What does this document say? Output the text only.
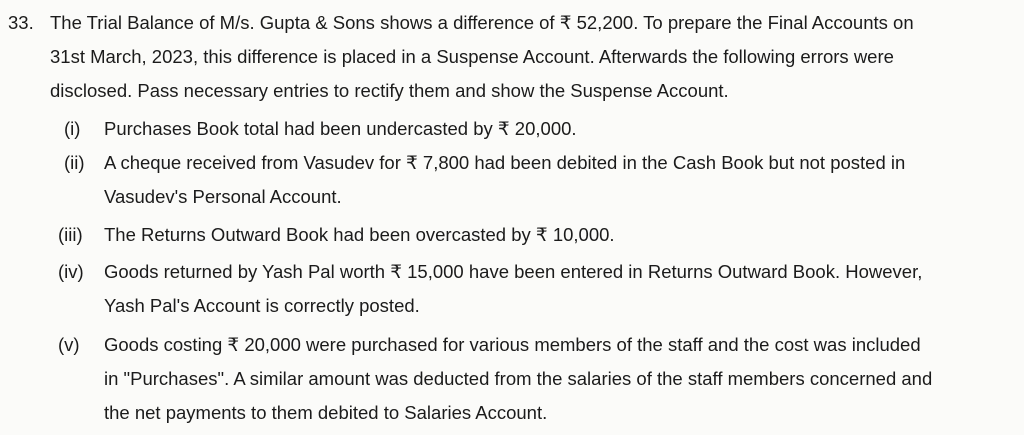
33. The Trial Balance of M/s. Gupta & Sons shows a difference of ₹ 52,200. To prepare the Final Accounts on
31st March, 2023, this difference is placed in a Suspense Account. Afterwards the following errors were
disclosed. Pass necessary entries to rectify them and show the Suspense Account.
(i) Purchases Book total had been undercasted by ₹ 20,000.
(ii) A cheque received from Vasudev for ₹ 7,800 had been debited in the Cash Book but not posted in
Vasudev's Personal Account.
(iii) The Returns Outward Book had been overcasted by ₹ 10,000.
(iv) Goods returned by Yash Pal worth ₹ 15,000 have been entered in Returns Outward Book. However,
Yash Pal's Account is correctly posted.
(v) Goods costing ₹ 20,000 were purchased for various members of the staff and the cost was included
in "Purchases". A similar amount was deducted from the salaries of the staff members concerned and
the net payments to them debited to Salaries Account.
